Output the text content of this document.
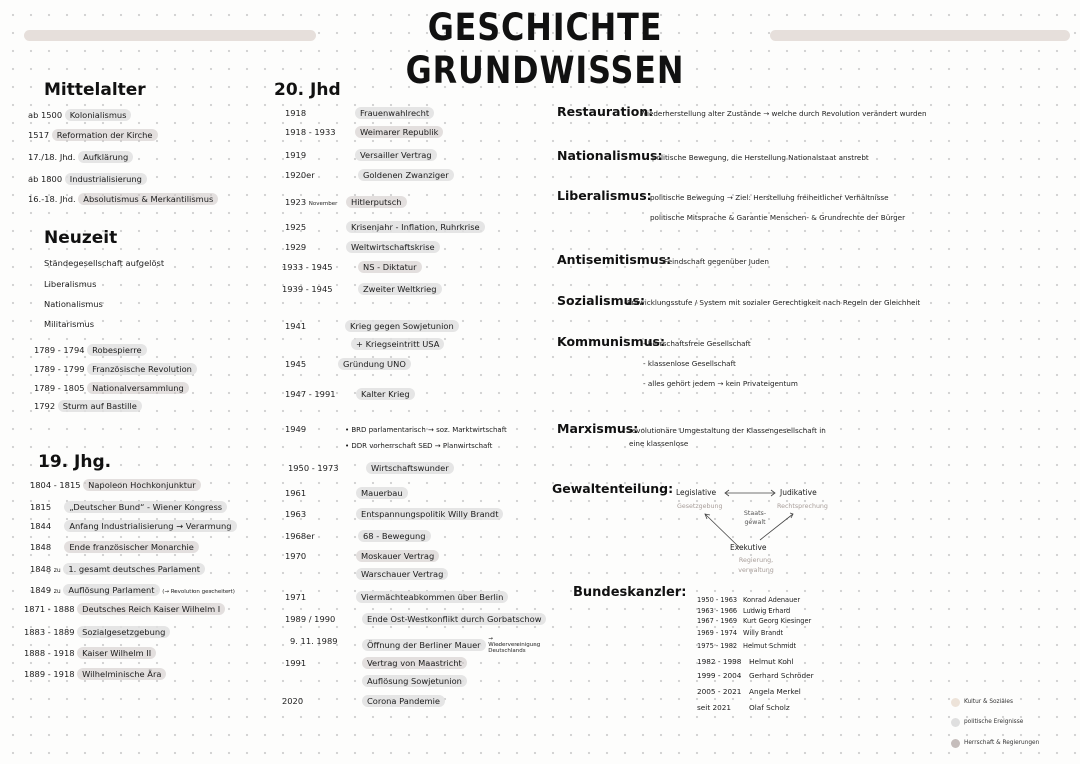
GESCHICHTE GRUNDWISSEN
Mittelalter
ab 1500 Kolonialismus
1517 Reformation der Kirche
17./18. Jhd. Aufklärung
ab 1800 Industrialisierung
16.-18. Jhd. Absolutismus & Merkantilismus
Neuzeit
Ständegesellschaft aufgelöst
Liberalismus
Nationalismus
Militarismus
1789 - 1794 Robespierre
1789 - 1799 Französische Revolution
1789 - 1805 Nationalversammlung
1792 Sturm auf Bastille
19. Jhg.
1804 - 1815 Napoleon Hochkonjunktur
1815 „Deutscher Bund“ - Wiener Kongress
1844 Anfang Industrialisierung → Verarmung
1848 Ende französischer Monarchie
1848 zu 1. gesamt deutsches Parlament
1849 zu Auflösung Parlament (→ Revolution gescheitert)
1871 - 1888 Deutsches Reich Kaiser Wilhelm I
1883 - 1889 Sozialgesetzgebung
1888 - 1918 Kaiser Wilhelm II
1889 - 1918 Wilhelminische Ära
20. Jhd
1918	Frauenwahlrecht
1918 - 1933	Weimarer Republik
1919	Versailler Vertrag
1920er	Goldenen Zwanziger
1923 November	Hitlerputsch
1925	Krisenjahr - Inflation, Ruhrkrise
1929	Weltwirtschaftskrise
1933 - 1945	NS - Diktatur
1939 - 1945	Zweiter Weltkrieg
1941	Krieg gegen Sowjetunion
+ Kriegseintritt USA
1945	Gründung UNO
1947 - 1991	Kalter Krieg
1949	• BRD parlamentarisch → soz. Marktwirtschaft
• DDR vorherrschaft SED → Planwirtschaft
1950 - 1973	Wirtschaftswunder
1961	Mauerbau
1963	Entspannungspolitik Willy Brandt
1968er	68 - Bewegung
1970	Moskauer Vertrag
Warschauer Vertrag
1971	Viermächteabkommen über Berlin
1989 / 1990	Ende Ost-Westkonflikt durch Gorbatschow
9. 11. 1989	Öffnung der Berliner Mauer → Wiedervereinigung Deutschlands
1991	Vertrag von Maastricht
Auflösung Sowjetunion
2020	Corona Pandemie
Restauration:
Wiederherstellung alter Zustände → welche durch Revolution verändert wurden
Nationalismus:
politische Bewegung, die Herstellung Nationalstaat anstrebt
Liberalismus:
politische Bewegung → Ziel: Herstellung freiheitlicher Verhältnisse
politische Mitsprache & Garantie Menschen- & Grundrechte der Bürger
Antisemitismus:
Feindschaft gegenüber Juden
Sozialismus:
Entwicklungsstufe / System mit sozialer Gerechtigkeit nach Regeln der Gleichheit
Kommunismus:
- herrschaftsfreie Gesellschaft
- klassenlose Gesellschaft
- alles gehört jedem → kein Privateigentum
Marxismus:
revolutionäre Umgestaltung der Klassengesellschaft in
eine klassenlose
Gewaltenteilung: Legislative
Gesetzgebung
Judikative
Rechtsprechung
Staats-gewalt
Exekutive
Regierung, verwaltung
Bundeskanzler: 1950 - 1963 Konrad Adenauer
1963 - 1966 Ludwig Erhard
1967 - 1969 Kurt Georg Kiesinger
1969 - 1974 Willy Brandt
1975 - 1982 Helmut Schmidt
1982 - 1998 Helmut Kohl
1999 - 2004 Gerhard Schröder
2005 - 2021 Angela Merkel
seit 2021 Olaf Scholz
Kultur & Soziales
politische Ereignisse
Herrschaft & Regierungen
